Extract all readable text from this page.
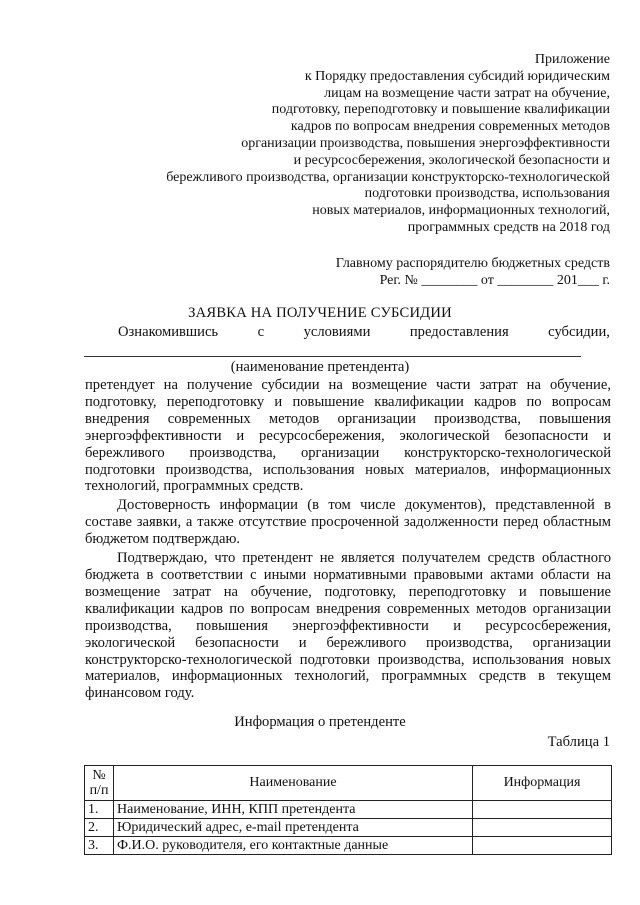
Приложение
к Порядку предоставления субсидий юридическим
лицам на возмещение части затрат на обучение,
подготовку, переподготовку и повышение квалификации
кадров по вопросам внедрения современных методов
организации производства, повышения энергоэффективности
и ресурсосбережения, экологической безопасности и
бережливого производства, организации конструкторско-технологической
подготовки производства, использования
новых материалов, информационных технологий,
программных средств на 2018 год
Главному распорядителю бюджетных средств
Рег. № ________ от ________ 201___ г.
ЗАЯВКА НА ПОЛУЧЕНИЕ СУБСИДИИ
Ознакомившись	с	условиями	предоставления	субсидии,
(наименование претендента)

претендует на получение субсидии на возмещение части затрат на обучение, подготовку, переподготовку и повышение квалификации кадров по вопросам внедрения современных методов организации производства, повышения энергоэффективности и ресурсосбережения, экологической безопасности и бережливого производства, организации конструкторско-технологической подготовки производства, использования новых материалов, информационных технологий, программных средств.

Достоверность информации (в том числе документов), представленной в составе заявки, а также отсутствие просроченной задолженности перед областным бюджетом подтверждаю.

Подтверждаю, что претендент не является получателем средств областного бюджета в соответствии с иными нормативными правовыми актами области на возмещение затрат на обучение, подготовку, переподготовку и повышение квалификации кадров по вопросам внедрения современных методов организации производства, повышения энергоэффективности и ресурсосбережения, экологической безопасности и бережливого производства, организации конструкторско-технологической подготовки производства, использования новых материалов, информационных технологий, программных средств в текущем финансовом году.

Информация о претенденте
Таблица 1
№
п/п	Наименование	Информация
1.	Наименование, ИНН, КПП претендента	
2.	Юридический адрес, e-mail претендента	
3.	Ф.И.О. руководителя, его контактные данные	
